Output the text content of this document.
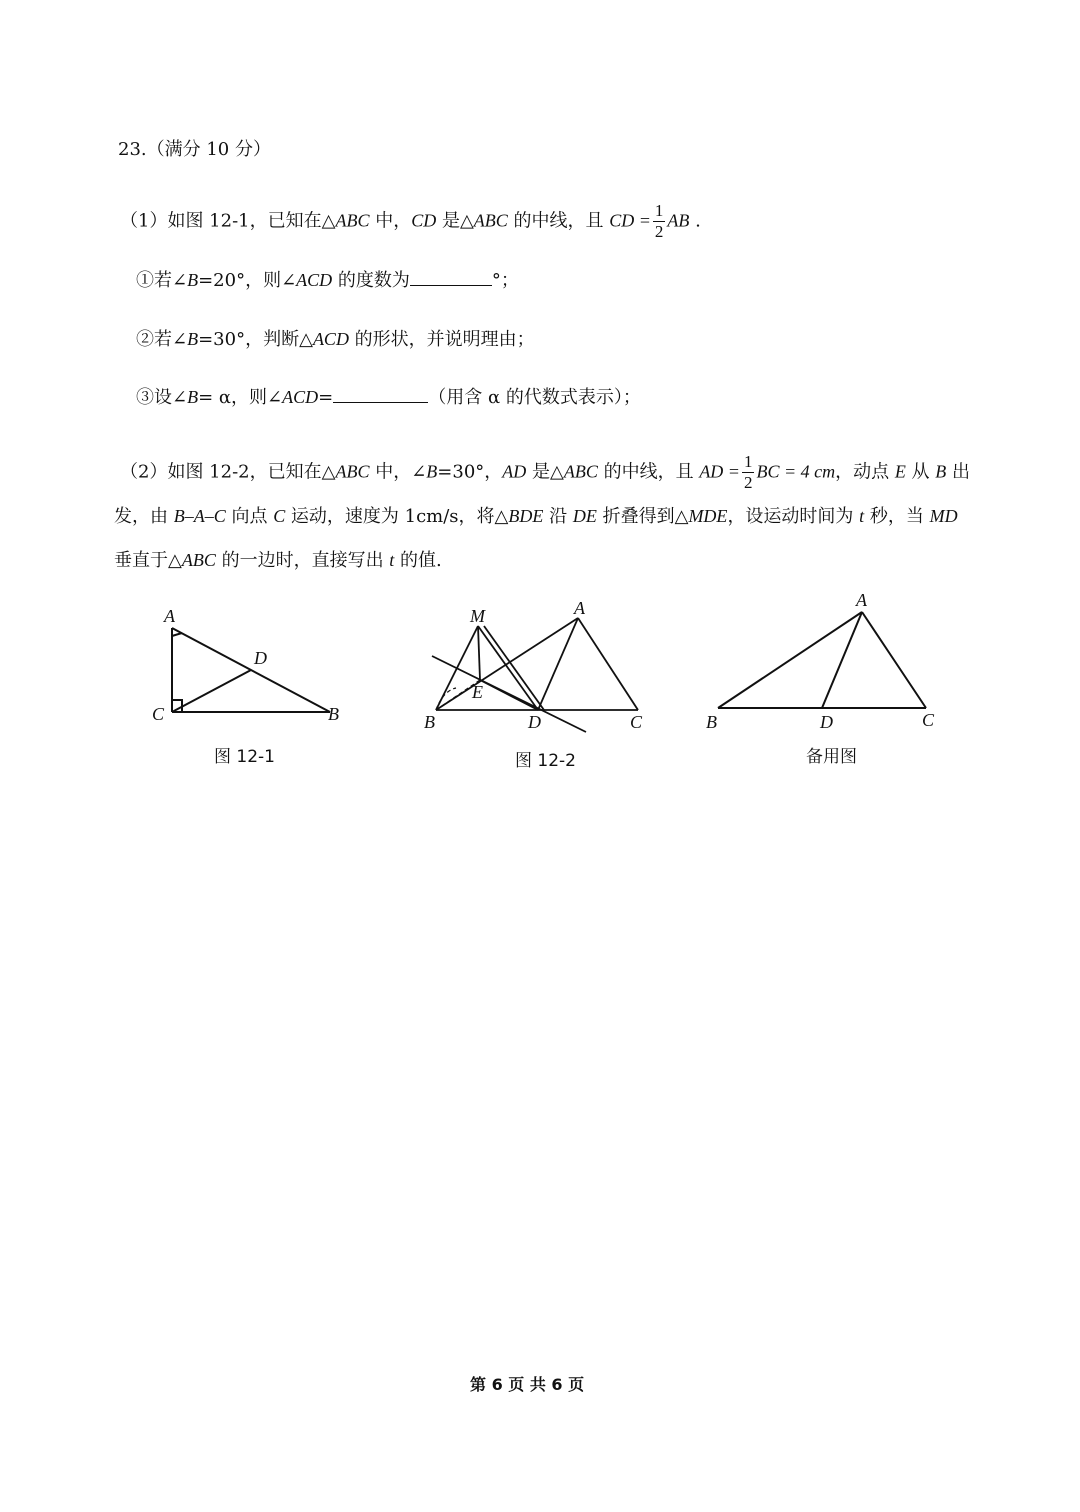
23.（满分 10 分）
（1）如图 12-1，已知在△ABC 中，CD 是△ABC 的中线，且 CD = $\frac{1}{2}$ AB .
①若∠B=20°，则∠ACD 的度数为	°；
②若∠B=30°，判断△ACD 的形状，并说明理由；
③设∠B= α，则∠ACD=	（用含 α 的代数式表示）；
（2）如图 12-2，已知在△ABC 中，∠B=30°，AD 是△ABC 的中线，且 AD = $\frac{1}{2}$ BC = 4 cm，动点 E 从 B 出
发，由 B–A–C 向点 C 运动，速度为 1cm/s，将△BDE 沿 DE 折叠得到△MDE，设运动时间为 t 秒，当 MD
垂直于△ABC 的一边时，直接写出 t 的值.
A
C	B
D
图 12-1
M	A
B	D	C
E
图 12-2
A
B	D	C
备用图
第 6 页 共 6 页
